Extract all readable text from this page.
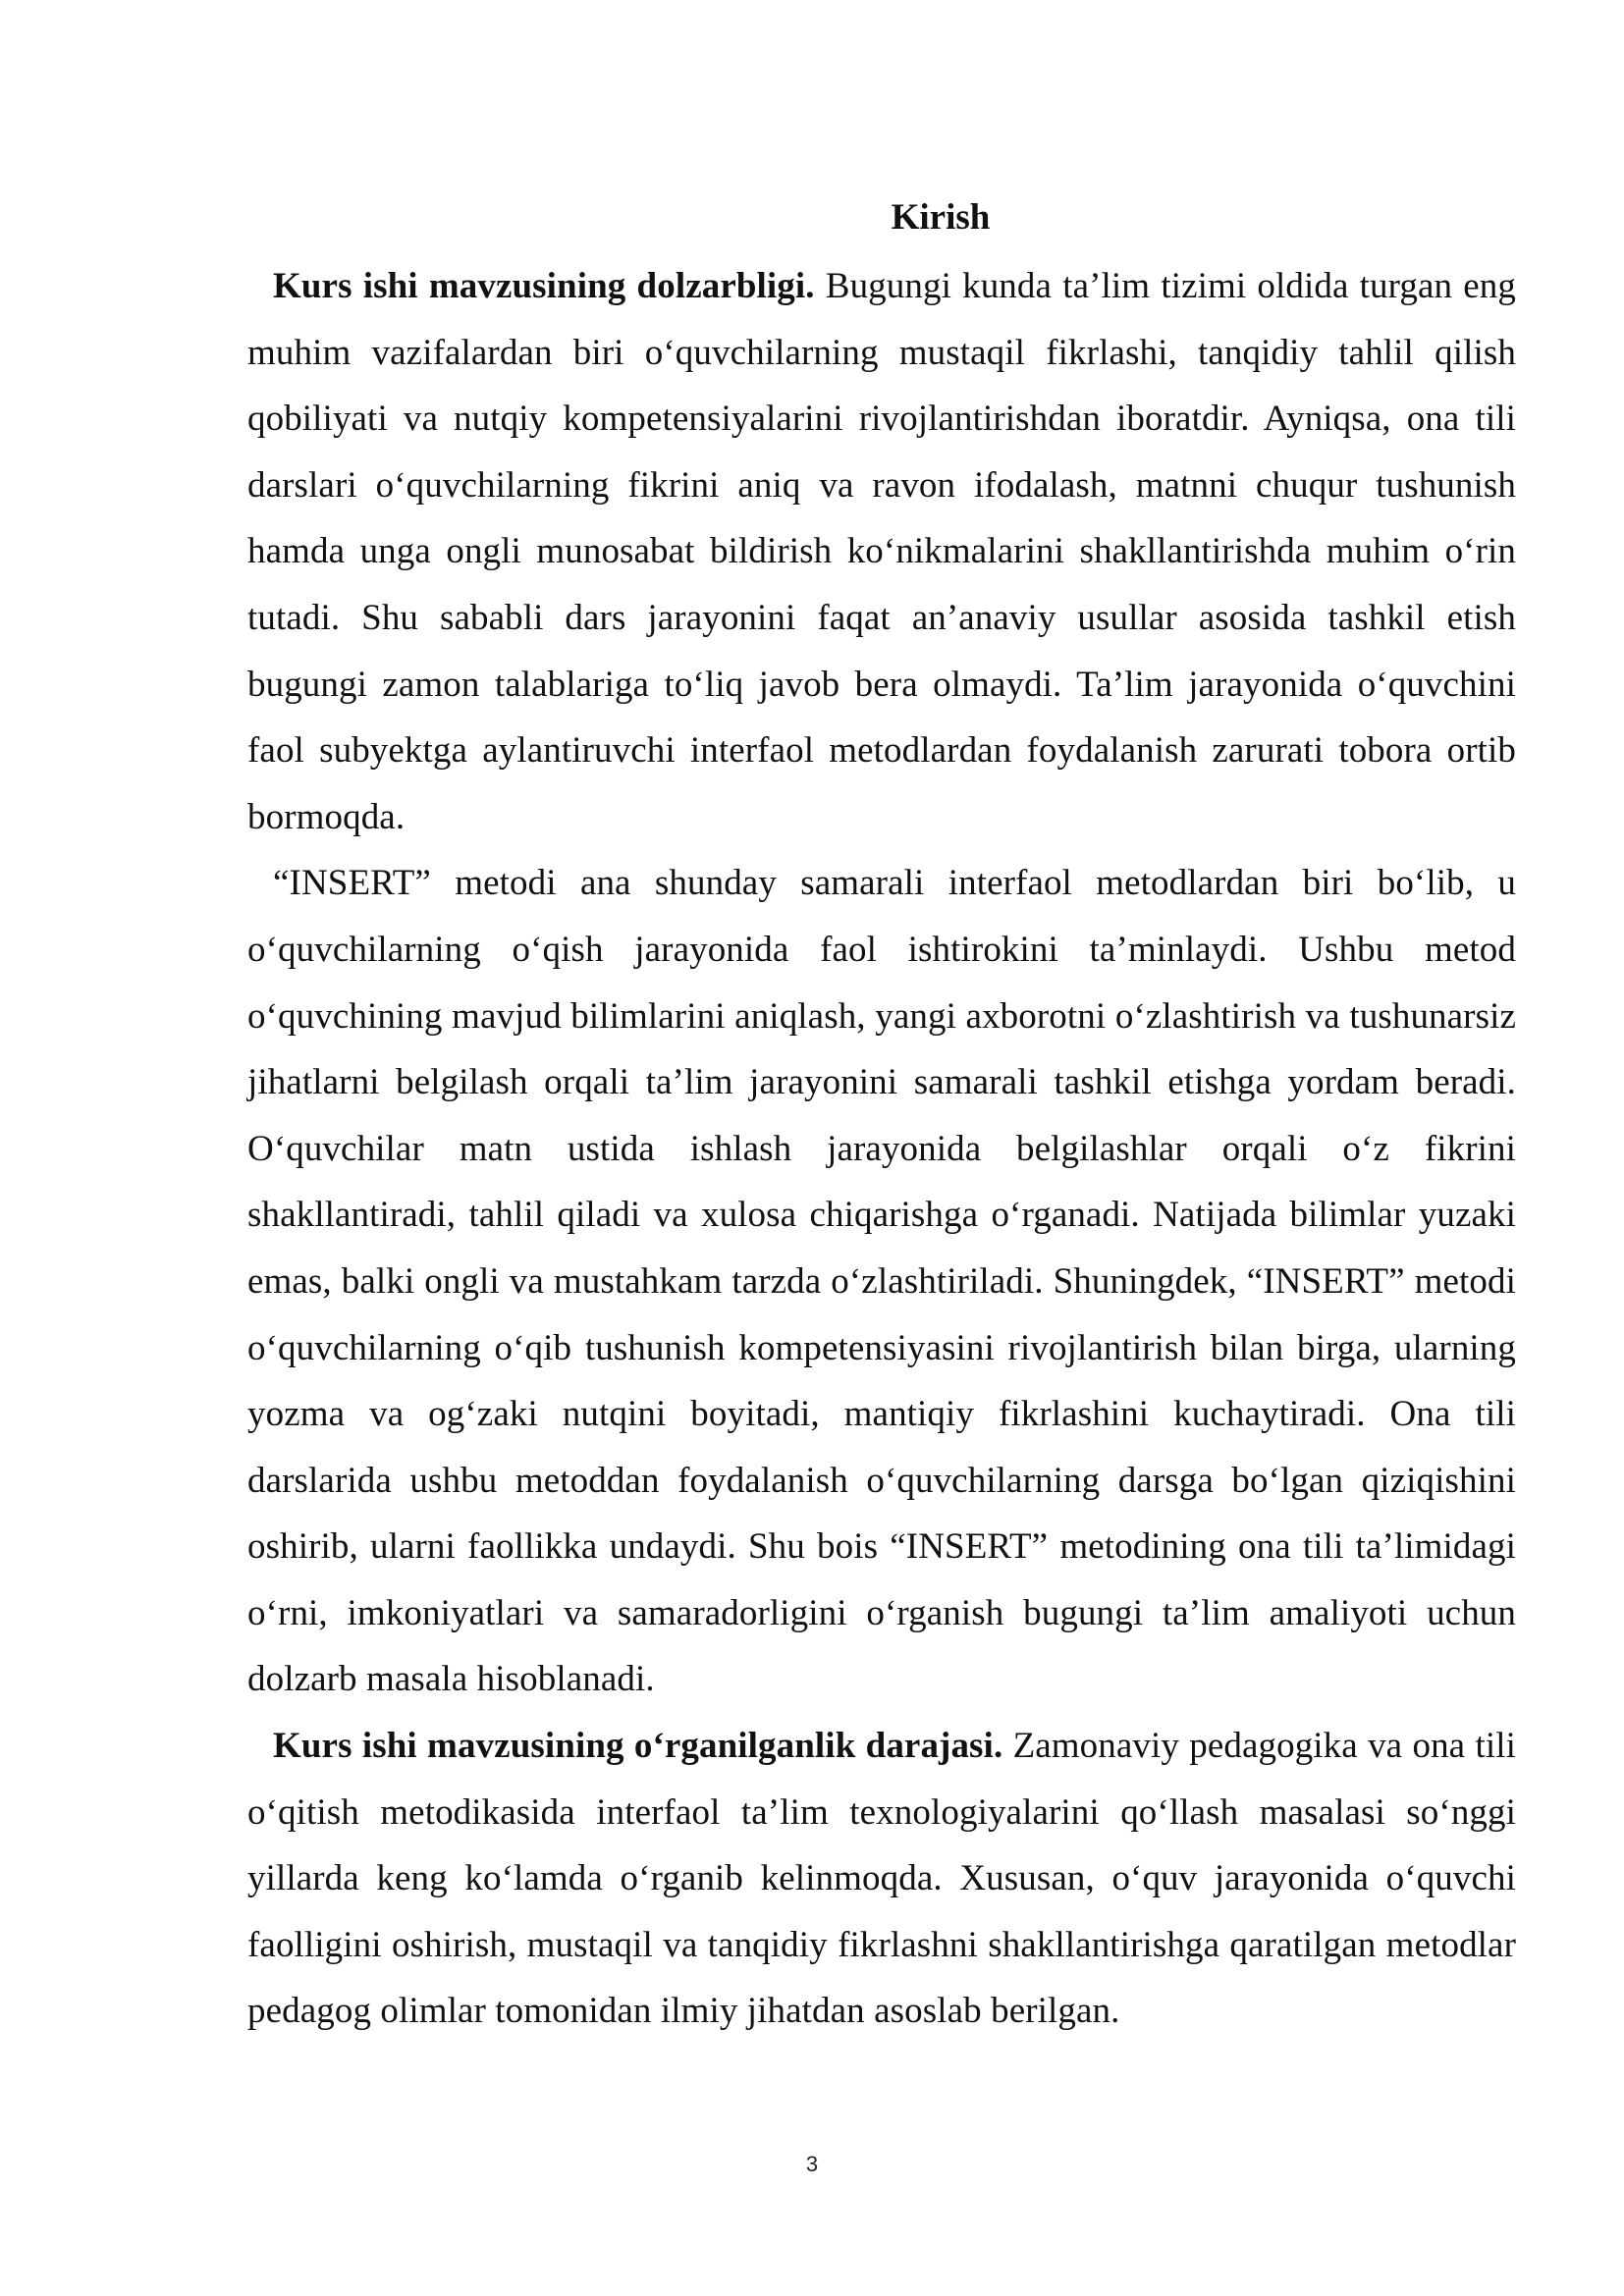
Kirish

Kurs ishi mavzusining dolzarbligi. Bugungi kunda ta’lim tizimi oldida turgan eng muhim vazifalardan biri o‘quvchilarning mustaqil fikrlashi, tanqidiy tahlil qilish qobiliyati va nutqiy kompetensiyalarini rivojlantirishdan iboratdir. Ayniqsa, ona tili darslari o‘quvchilarning fikrini aniq va ravon ifodalash, matnni chuqur tushunish hamda unga ongli munosabat bildirish ko‘nikmalarini shakllantirishda muhim o‘rin tutadi. Shu sababli dars jarayonini faqat an’anaviy usullar asosida tashkil etish bugungi zamon talablariga to‘liq javob bera olmaydi. Ta’lim jarayonida o‘quvchini faol subyektga aylantiruvchi interfaol metodlardan foydalanish zarurati tobora ortib bormoqda.

“INSERT” metodi ana shunday samarali interfaol metodlardan biri bo‘lib, u o‘quvchilarning o‘qish jarayonida faol ishtirokini ta’minlaydi. Ushbu metod o‘quvchining mavjud bilimlarini aniqlash, yangi axborotni o‘zlashtirish va tushunarsiz jihatlarni belgilash orqali ta’lim jarayonini samarali tashkil etishga yordam beradi. O‘quvchilar matn ustida ishlash jarayonida belgilashlar orqali o‘z fikrini shakllantiradi, tahlil qiladi va xulosa chiqarishga o‘rganadi. Natijada bilimlar yuzaki emas, balki ongli va mustahkam tarzda o‘zlashtiriladi. Shuningdek, “INSERT” metodi o‘quvchilarning o‘qib tushunish kompetensiyasini rivojlantirish bilan birga, ularning yozma va og‘zaki nutqini boyitadi, mantiqiy fikrlashini kuchaytiradi. Ona tili darslarida ushbu metoddan foydalanish o‘quvchilarning darsga bo‘lgan qiziqishini oshirib, ularni faollikka undaydi. Shu bois “INSERT” metodining ona tili ta’limidagi o‘rni, imkoniyatlari va samaradorligini o‘rganish bugungi ta’lim amaliyoti uchun dolzarb masala hisoblanadi.

Kurs ishi mavzusining o‘rganilganlik darajasi. Zamonaviy pedagogika va ona tili o‘qitish metodikasida interfaol ta’lim texnologiyalarini qo‘llash masalasi so‘nggi yillarda keng ko‘lamda o‘rganib kelinmoqda. Xususan, o‘quv jarayonida o‘quvchi faolligini oshirish, mustaqil va tanqidiy fikrlashni shakllantirishga qaratilgan metodlar pedagog olimlar tomonidan ilmiy jihatdan asoslab berilgan.

3
